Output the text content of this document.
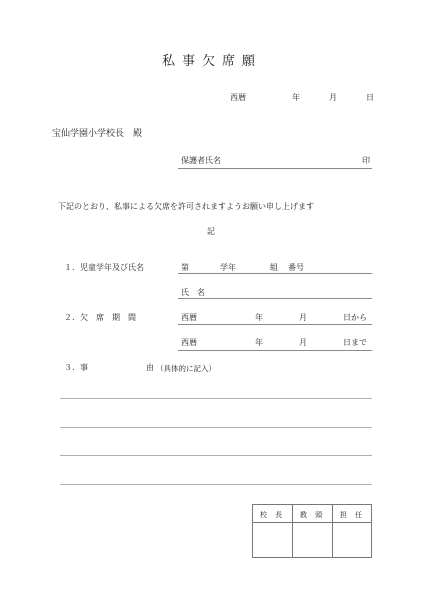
私事欠席願
西暦	年	月	日
宝仙学園小学校長　殿
保護者氏名	印
下記のとおり、私事による欠席を許可されますようお願い申し上げます
記
１. 児童学年及び氏名	第	学年	組 番号
氏　名
２. 欠　席　期　間	西暦	年	月	日から
西暦	年	月	日まで
３. 事	由 （具体的に記入）
校 長	教 頭	担 任
